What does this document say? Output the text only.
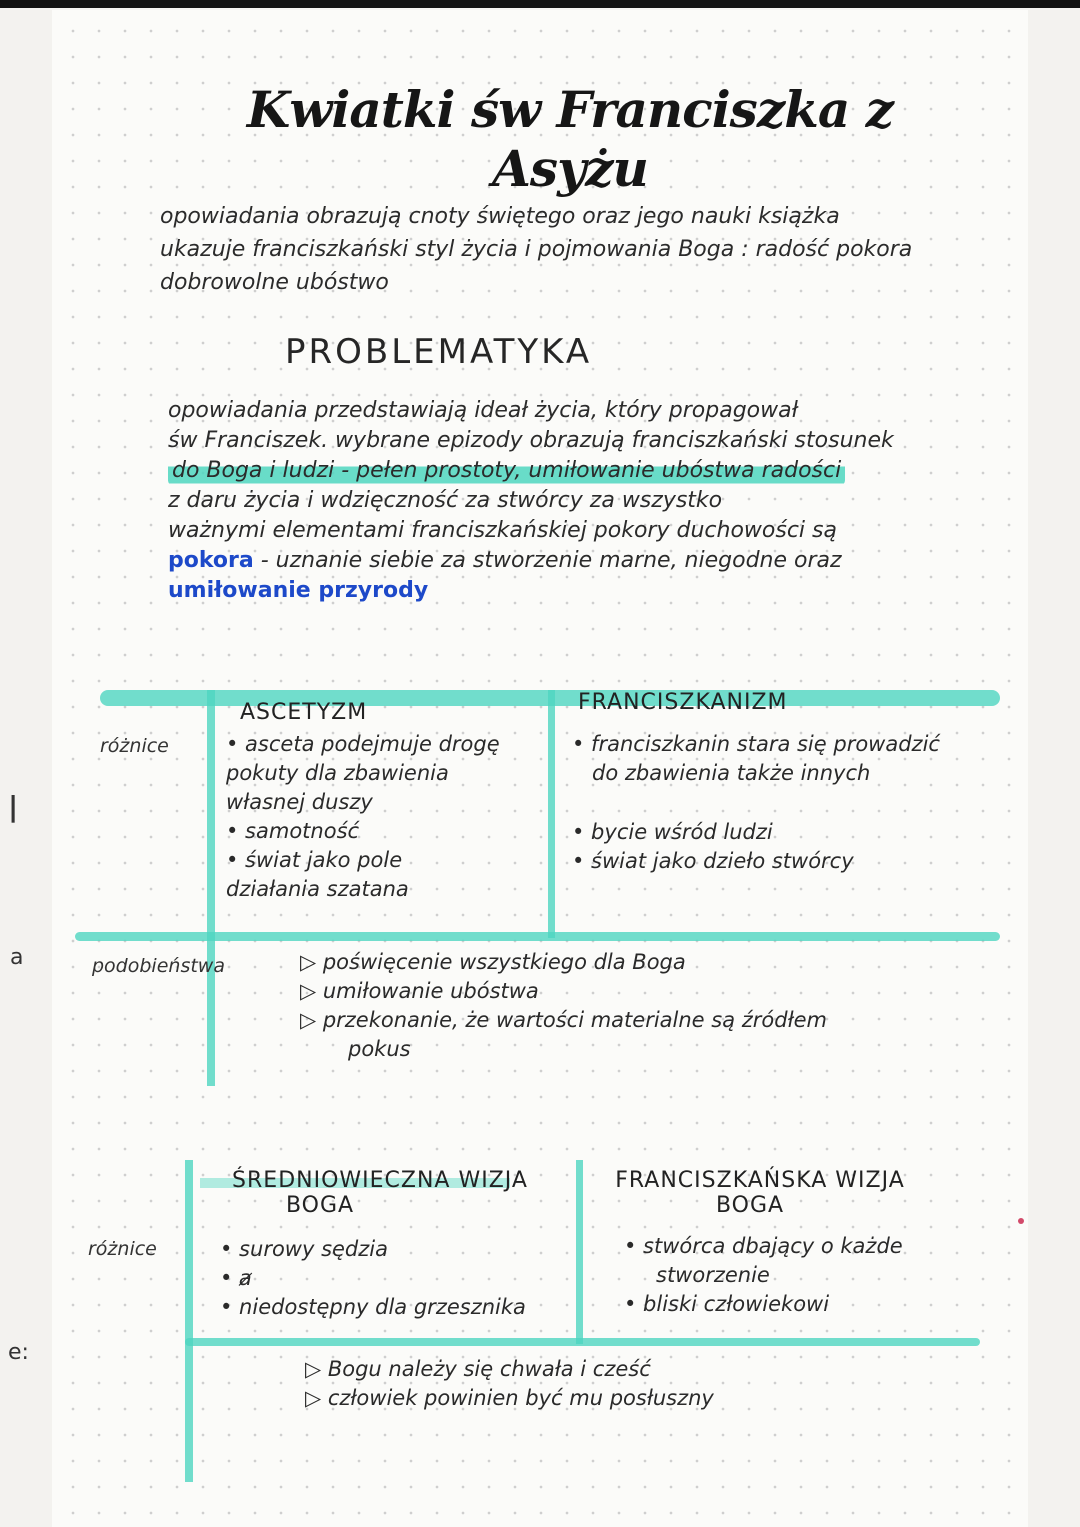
|
a
e:
Kwiatki św Franciszka z Asyżu
opowiadania obrazują cnoty świętego oraz jego nauki książka
ukazuje franciszkański styl życia i pojmowania Boga : radość pokora
dobrowolne ubóstwo
PROBLEMATYKA
opowiadania przedstawiają ideał życia, który propagował
św Franciszek. wybrane epizody obrazują franciszkański stosunek
do Boga i ludzi - pełen prostoty, umiłowanie ubóstwa radości
z daru życia i wdzięczność za stwórcy za wszystko
ważnymi elementami franciszkańskiej pokory duchowości są
pokora - uznanie siebie za stworzenie marne, niegodne oraz
umiłowanie przyrody
ASCETYZM	FRANCISZKANIZM
różnice
podobieństwa
• asceta podejmuje drogę
pokuty dla zbawienia
własnej duszy
• samotność
• świat jako pole
działania szatana
• franciszkanin stara się prowadzić
do zbawienia także innych
• bycie wśród ludzi
• świat jako dzieło stwórcy
▷ poświęcenie wszystkiego dla Boga
▷ umiłowanie ubóstwa
▷ przekonanie, że wartości materialne są źródłem
pokus
ŚREDNIOWIECZNA WIZJA
BOGA
FRANCISZKAŃSKA WIZJA
BOGA
różnice	• surowy sędzia
• ⱥ
• niedostępny dla grzesznika
• stwórca dbający o każde
stworzenie
• bliski człowiekowi
▷ Bogu należy się chwała i cześć
▷ człowiek powinien być mu posłuszny
